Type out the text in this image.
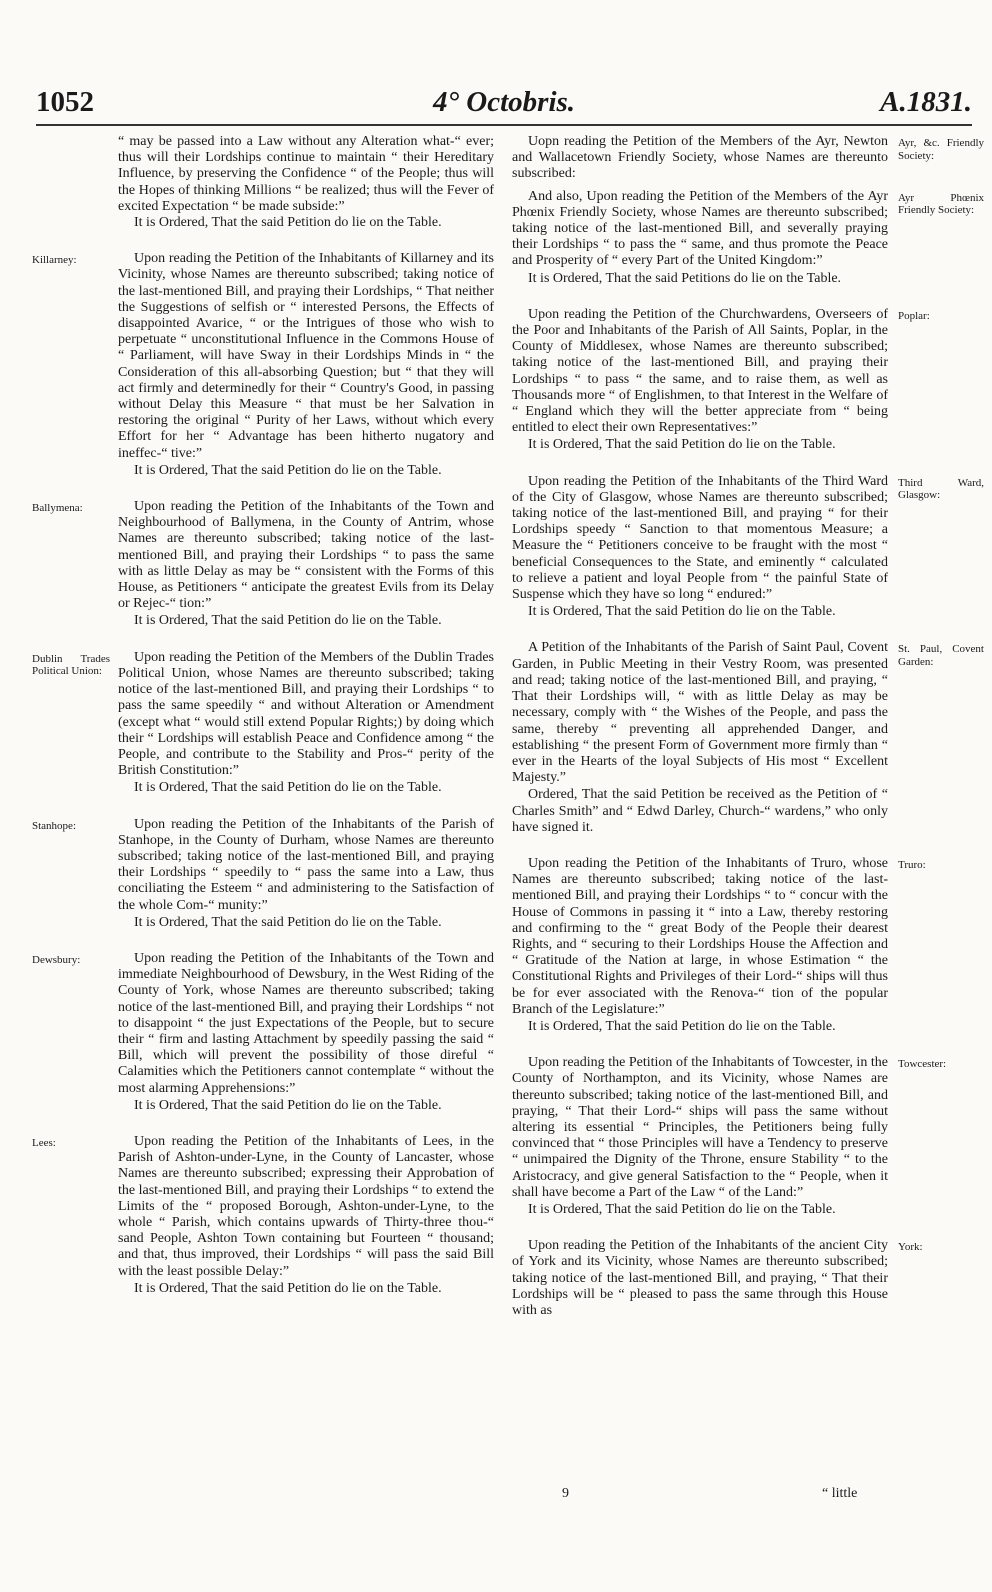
1052	4° Octobris.	A.1831.

“ may be passed into a Law without any Alteration what-“ ever; thus will their Lordships continue to maintain “ their Hereditary Influence, by preserving the Confidence “ of the People; thus will the Hopes of thinking Millions “ be realized; thus will the Fever of excited Expectation “ be made subside:”

It is Ordered, That the said Petition do lie on the Table.

Killarney:	Upon reading the Petition of the Inhabitants of Killarney and its Vicinity, whose Names are thereunto subscribed; taking notice of the last-mentioned Bill, and praying their Lordships, “ That neither the Suggestions of selfish or “ interested Persons, the Effects of disappointed Avarice, “ or the Intrigues of those who wish to perpetuate “ unconstitutional Influence in the Commons House of “ Parliament, will have Sway in their Lordships Minds in “ the Consideration of this all-absorbing Question; but “ that they will act firmly and determinedly for their “ Country's Good, in passing without Delay this Measure “ that must be her Salvation in restoring the original “ Purity of her Laws, without which every Effort for her “ Advantage has been hitherto nugatory and ineffec-“ tive:”

It is Ordered, That the said Petition do lie on the Table.

Ballymena:	Upon reading the Petition of the Inhabitants of the Town and Neighbourhood of Ballymena, in the County of Antrim, whose Names are thereunto subscribed; taking notice of the last-mentioned Bill, and praying their Lordships “ to pass the same with as little Delay as may be “ consistent with the Forms of this House, as Petitioners “ anticipate the greatest Evils from its Delay or Rejec-“ tion:”

It is Ordered, That the said Petition do lie on the Table.

Dublin Trades Political Union:

Upon reading the Petition of the Members of the Dublin Trades Political Union, whose Names are thereunto subscribed; taking notice of the last-mentioned Bill, and praying their Lordships “ to pass the same speedily “ and without Alteration or Amendment (except what “ would still extend Popular Rights;) by doing which their “ Lordships will establish Peace and Confidence among “ the People, and contribute to the Stability and Pros-“ perity of the British Constitution:”

It is Ordered, That the said Petition do lie on the Table.

Stanhope:	Upon reading the Petition of the Inhabitants of the Parish of Stanhope, in the County of Durham, whose Names are thereunto subscribed; taking notice of the last-mentioned Bill, and praying their Lordships “ speedily to “ pass the same into a Law, thus conciliating the Esteem “ and administering to the Satisfaction of the whole Com-“ munity:”

It is Ordered, That the said Petition do lie on the Table.

Dewsbury:	Upon reading the Petition of the Inhabitants of the Town and immediate Neighbourhood of Dewsbury, in the West Riding of the County of York, whose Names are thereunto subscribed; taking notice of the last-mentioned Bill, and praying their Lordships “ not to disappoint “ the just Expectations of the People, but to secure their “ firm and lasting Attachment by speedily passing the said “ Bill, which will prevent the possibility of those direful “ Calamities which the Petitioners cannot contemplate “ without the most alarming Apprehensions:”

It is Ordered, That the said Petition do lie on the Table.

Lees:	Upon reading the Petition of the Inhabitants of Lees, in the Parish of Ashton-under-Lyne, in the County of Lancaster, whose Names are thereunto subscribed; expressing their Approbation of the last-mentioned Bill, and praying their Lordships “ to extend the Limits of the “ proposed Borough, Ashton-under-Lyne, to the whole “ Parish, which contains upwards of Thirty-three thou-“ sand People, Ashton Town containing but Fourteen “ thousand; and that, thus improved, their Lordships “ will pass the said Bill with the least possible Delay:”

It is Ordered, That the said Petition do lie on the Table.

Ayr, &c. Friendly Society:

Uopn reading the Petition of the Members of the Ayr, Newton and Wallacetown Friendly Society, whose Names are thereunto subscribed:

Ayr Phœnix Friendly Society:

And also, Upon reading the Petition of the Members of the Ayr Phœnix Friendly Society, whose Names are thereunto subscribed; taking notice of the last-mentioned Bill, and severally praying their Lordships “ to pass the “ same, and thus promote the Peace and Prosperity of “ every Part of the United Kingdom:”

It is Ordered, That the said Petitions do lie on the Table.

Poplar:

Upon reading the Petition of the Churchwardens, Overseers of the Poor and Inhabitants of the Parish of All Saints, Poplar, in the County of Middlesex, whose Names are thereunto subscribed; taking notice of the last-mentioned Bill, and praying their Lordships “ to pass “ the same, and to raise them, as well as Thousands more “ of Englishmen, to that Interest in the Welfare of “ England which they will the better appreciate from “ being entitled to elect their own Representatives:”

It is Ordered, That the said Petition do lie on the Table.

Third Ward, Glasgow:

Upon reading the Petition of the Inhabitants of the Third Ward of the City of Glasgow, whose Names are thereunto subscribed; taking notice of the last-mentioned Bill, and praying “ for their Lordships speedy “ Sanction to that momentous Measure; a Measure the “ Petitioners conceive to be fraught with the most “ beneficial Consequences to the State, and eminently “ calculated to relieve a patient and loyal People from “ the painful State of Suspense which they have so long “ endured:”

It is Ordered, That the said Petition do lie on the Table.

St. Paul, Covent Garden:

A Petition of the Inhabitants of the Parish of Saint Paul, Covent Garden, in Public Meeting in their Vestry Room, was presented and read; taking notice of the last-mentioned Bill, and praying, “ That their Lordships will, “ with as little Delay as may be necessary, comply with “ the Wishes of the People, and pass the same, thereby “ preventing all apprehended Danger, and establishing “ the present Form of Government more firmly than “ ever in the Hearts of the loyal Subjects of His most “ Excellent Majesty.”

Ordered, That the said Petition be received as the Petition of “ Charles Smith” and “ Edwd Darley, Church-“ wardens,” who only have signed it.

Truro:

Upon reading the Petition of the Inhabitants of Truro, whose Names are thereunto subscribed; taking notice of the last-mentioned Bill, and praying their Lordships “ to “ concur with the House of Commons in passing it “ into a Law, thereby restoring and confirming to the “ great Body of the People their dearest Rights, and “ securing to their Lordships House the Affection and “ Gratitude of the Nation at large, in whose Estimation “ the Constitutional Rights and Privileges of their Lord-“ ships will thus be for ever associated with the Renova-“ tion of the popular Branch of the Legislature:”

It is Ordered, That the said Petition do lie on the Table.

Towcester:

Upon reading the Petition of the Inhabitants of Towcester, in the County of Northampton, and its Vicinity, whose Names are thereunto subscribed; taking notice of the last-mentioned Bill, and praying, “ That their Lord-“ ships will pass the same without altering its essential “ Principles, the Petitioners being fully convinced that “ those Principles will have a Tendency to preserve “ unimpaired the Dignity of the Throne, ensure Stability “ to the Aristocracy, and give general Satisfaction to the “ People, when it shall have become a Part of the Law “ of the Land:”

It is Ordered, That the said Petition do lie on the Table.

York:

Upon reading the Petition of the Inhabitants of the ancient City of York and its Vicinity, whose Names are thereunto subscribed; taking notice of the last-mentioned Bill, and praying, “ That their Lordships will be “ pleased to pass the same through this House with as

9	“ little
